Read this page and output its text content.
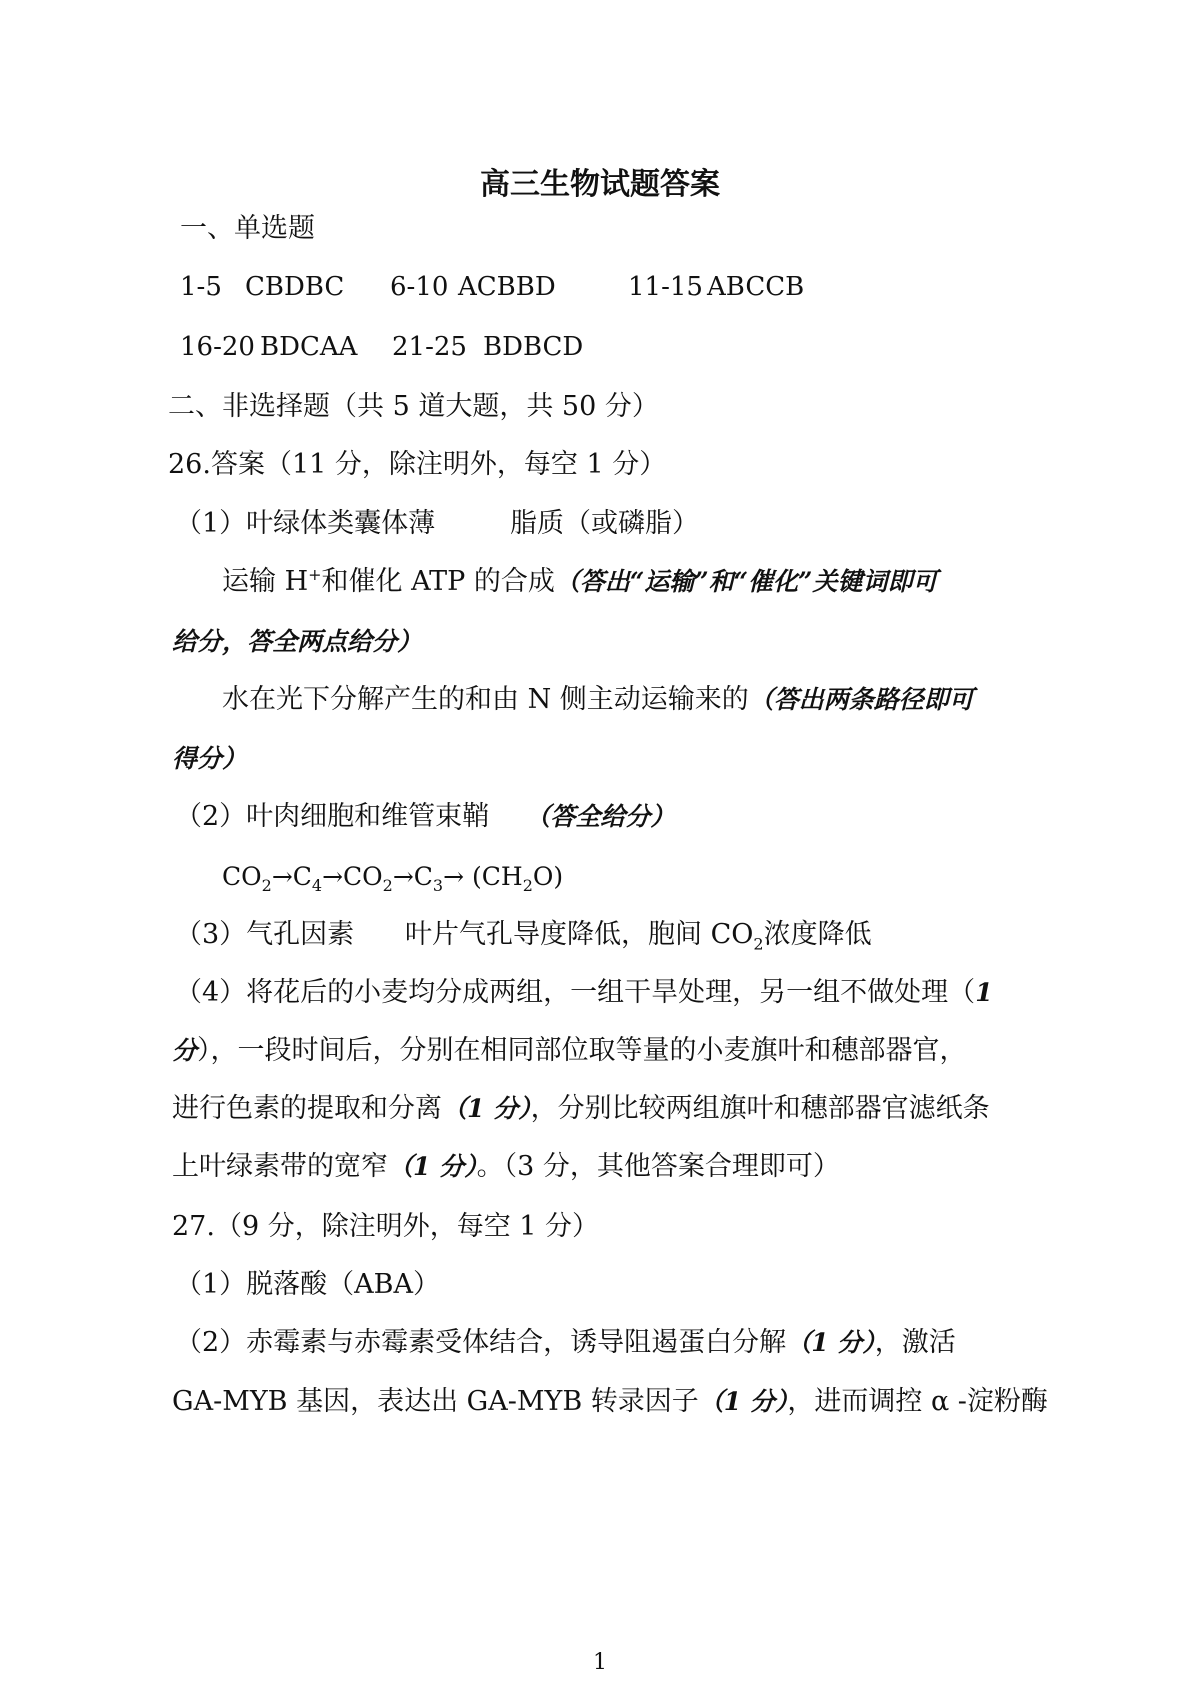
高三生物试题答案
一、单选题
1-5 CBDBC 6-10 ACBBD	11-15 ABCCB
16-20 BDCAA 21-25 BDBCD
二、非选择题（共 5 道大题，共 50 分）
26.答案（11 分，除注明外，每空 1 分）
（1）叶绿体类囊体薄	脂质（或磷脂）
运输 H+和催化 ATP 的合成（答出“运输”和“催化”关键词即可
给分，答全两点给分）
水在光下分解产生的和由 N 侧主动运输来的（答出两条路径即可
得分）
（2）叶肉细胞和维管束鞘 （答全给分）
$CO_2\to C_4\to CO_2\to C_3\to (CH_2O)$
（3）气孔因素 叶片气孔导度降低，胞间 $CO_2$浓度降低
（4）将花后的小麦均分成两组，一组干旱处理，另一组不做处理（1
分），一段时间后，分别在相同部位取等量的小麦旗叶和穗部器官，
进行色素的提取和分离（1 分），分别比较两组旗叶和穗部器官滤纸条
上叶绿素带的宽窄（1 分）。（3 分，其他答案合理即可）
27.（9 分，除注明外，每空 1 分）
（1）脱落酸（ABA）
（2）赤霉素与赤霉素受体结合，诱导阻遏蛋白分解（1 分），激活
GA-MYB 基因，表达出 GA-MYB 转录因子（1 分），进而调控 α -淀粉酶
1
